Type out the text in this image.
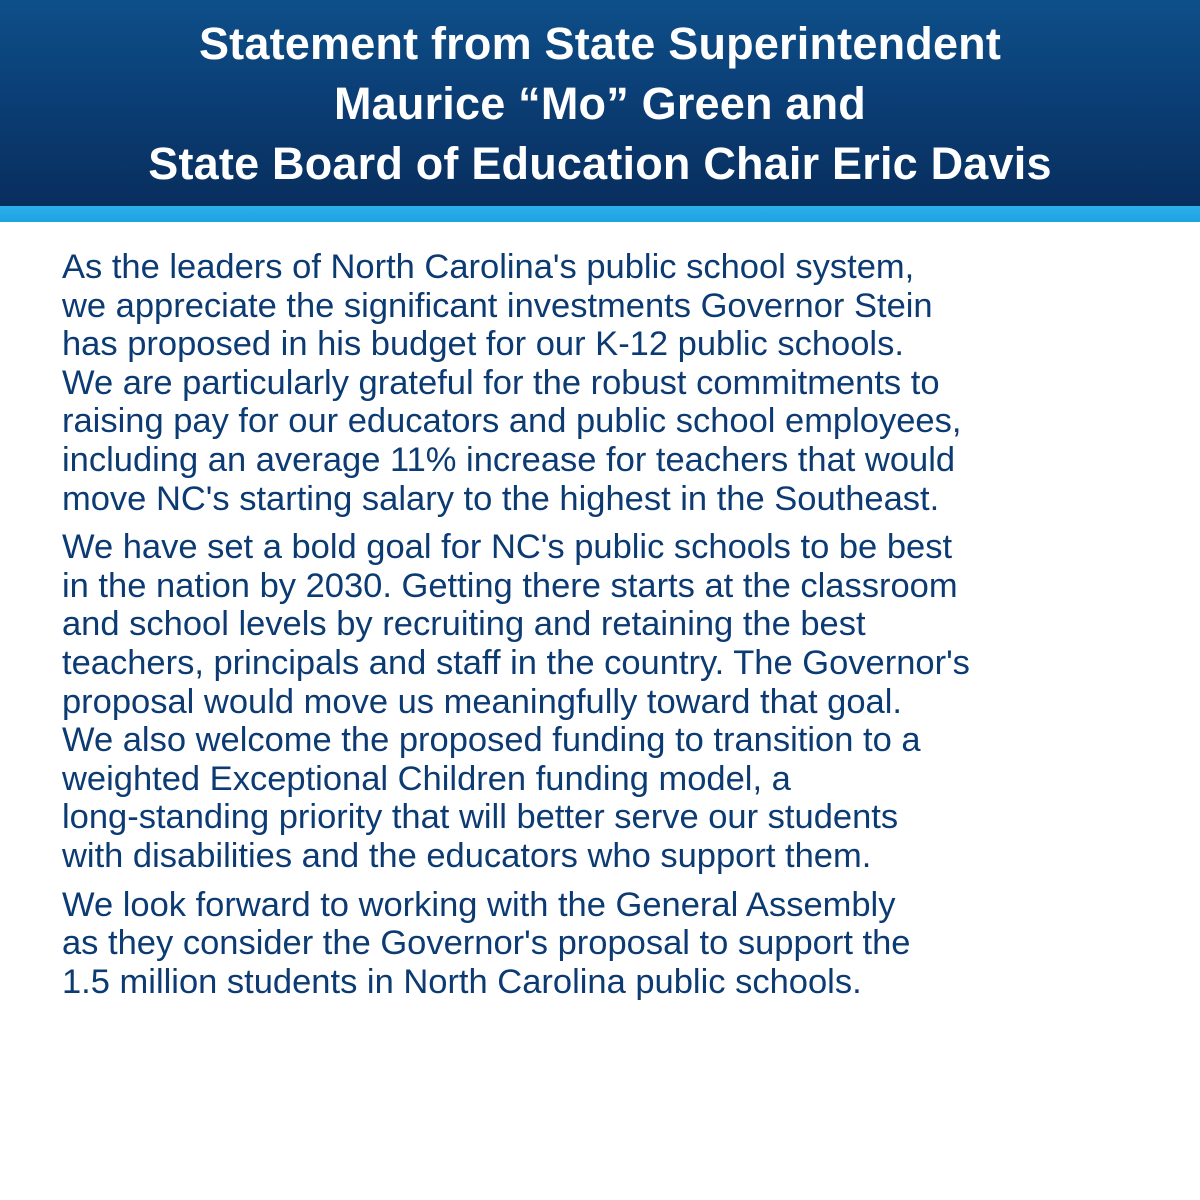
Statement from State Superintendent
Maurice “Mo” Green and
State Board of Education Chair Eric Davis

As the leaders of North Carolina's public school system,
we appreciate the significant investments Governor Stein
has proposed in his budget for our K-12 public schools.
We are particularly grateful for the robust commitments to
raising pay for our educators and public school employees,
including an average 11% increase for teachers that would
move NC's starting salary to the highest in the Southeast.

We have set a bold goal for NC's public schools to be best
in the nation by 2030. Getting there starts at the classroom
and school levels by recruiting and retaining the best
teachers, principals and staff in the country. The Governor's
proposal would move us meaningfully toward that goal.
We also welcome the proposed funding to transition to a
weighted Exceptional Children funding model, a
long-standing priority that will better serve our students
with disabilities and the educators who support them.

We look forward to working with the General Assembly
as they consider the Governor's proposal to support the
1.5 million students in North Carolina public schools.
